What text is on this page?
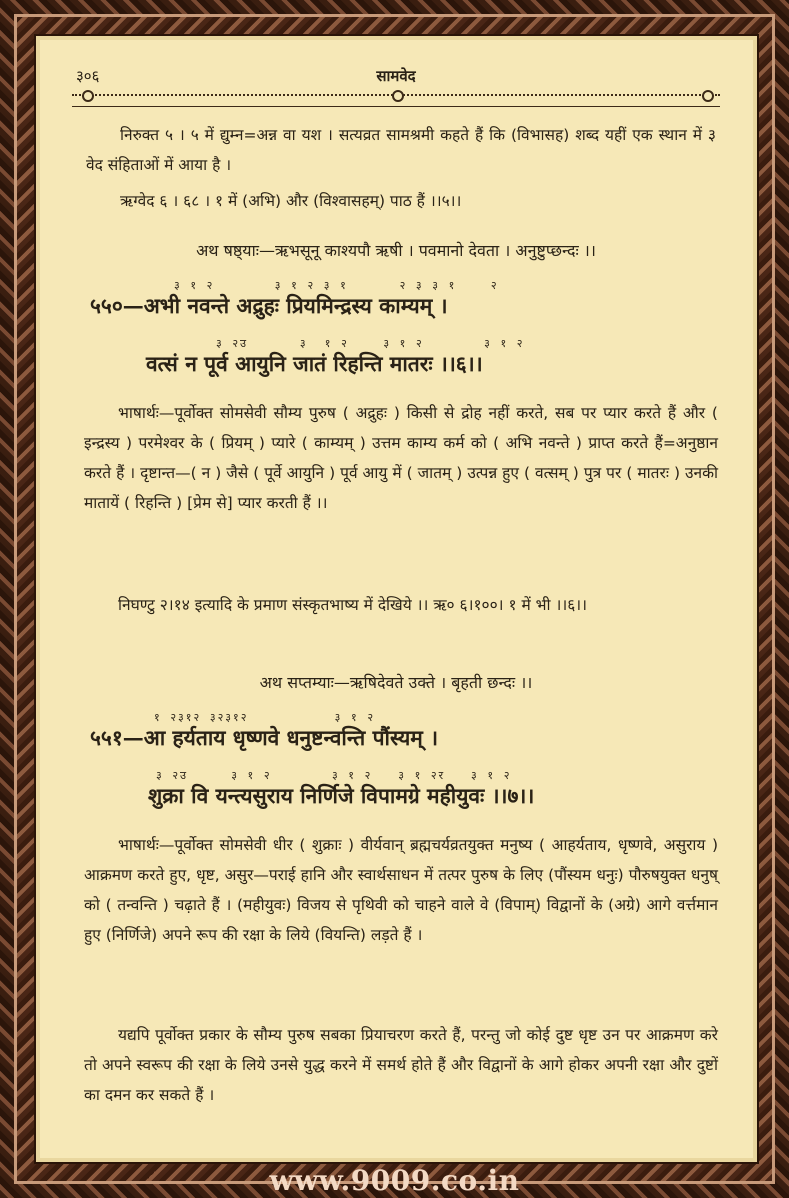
३०६	सामवेद
निरुक्त ५ । ५ में द्युम्न=अन्न वा यश । सत्यव्रत सामश्रमी कहते हैं कि (विभासह) शब्द यहीं एक स्थान में ३ वेद संहिताओं में आया है ।
ऋग्वेद ६ । ६८ । १ में (अभि) और (विश्वासहम्) पाठ हैं ।।५।।
अथ षष्ठ्याः—ऋभसूनू काश्यपौ ऋषी । पवमानो देवता । अनुष्टुप्छन्दः ।।
३ १ २       ३ १ २ ३ १      २ ३ ३ १    २
५५०—अभी नवन्ते अद्रुहः प्रियमिन्द्रस्य काम्यम् ।
३ २उ      ३  १ २    ३ १ २       ३ १ २
वत्सं न पूर्व आयुनि जातं रिहन्ति मातरः ।।६।।
भाषार्थः—पूर्वोक्त सोमसेवी सौम्य पुरुष ( अद्रुहः ) किसी से द्रोह नहीं करते, सब पर प्यार करते हैं और ( इन्द्रस्य ) परमेश्वर के ( प्रियम् ) प्यारे ( काम्यम् ) उत्तम काम्य कर्म को ( अभि नवन्ते ) प्राप्त करते हैं=अनुष्ठान करते हैं । दृष्टान्त—( न ) जैसे ( पूर्वे आयुनि ) पूर्व आयु में ( जातम् ) उत्पन्न हुए ( वत्सम् ) पुत्र पर ( मातरः ) उनकी मातायें ( रिहन्ति ) [प्रेम से] प्यार करती हैं ।।
निघण्टु २।१४ इत्यादि के प्रमाण संस्कृतभाष्य में देखिये ।। ऋ० ६।१००। १ में भी ।।६।।
अथ सप्तम्याः—ऋषिदेवते उक्ते । बृहती छन्दः ।।
१ २३१२ ३२३१२          ३ १ २
५५१—आ हर्यताय धृष्णवे धनुष्टन्वन्ति पौंस्यम् ।
३ २उ     ३ १ २       ३ १ २   ३ १ २र   ३ १ २
शुक्रा वि यन्त्यसुराय निर्णिजे विपामग्रे महीयुवः ।।७।।
भाषार्थः—पूर्वोक्त सोमसेवी धीर ( शुक्राः ) वीर्यवान् ब्रह्मचर्यव्रतयुक्त मनुष्य ( आहर्यताय, धृष्णवे, असुराय ) आक्रमण करते हुए, धृष्ट, असुर—पराई हानि और स्वार्थसाधन में तत्पर पुरुष के लिए (पौंस्यम धनुः) पौरुषयुक्त धनुष् को ( तन्वन्ति ) चढ़ाते हैं । (महीयुवः) विजय से पृथिवी को चाहने वाले वे (विपाम्) विद्वानों के (अग्रे) आगे वर्त्तमान हुए (निर्णिजे) अपने रूप की रक्षा के लिये (वियन्ति) लड़ते हैं ।
यद्यपि पूर्वोक्त प्रकार के सौम्य पुरुष सबका प्रियाचरण करते हैं, परन्तु जो कोई दुष्ट धृष्ट उन पर आक्रमण करे तो अपने स्वरूप की रक्षा के लिये उनसे युद्ध करने में समर्थ होते हैं और विद्वानों के आगे होकर अपनी रक्षा और दुष्टों का दमन कर सकते हैं ।
www.9009.co.in
